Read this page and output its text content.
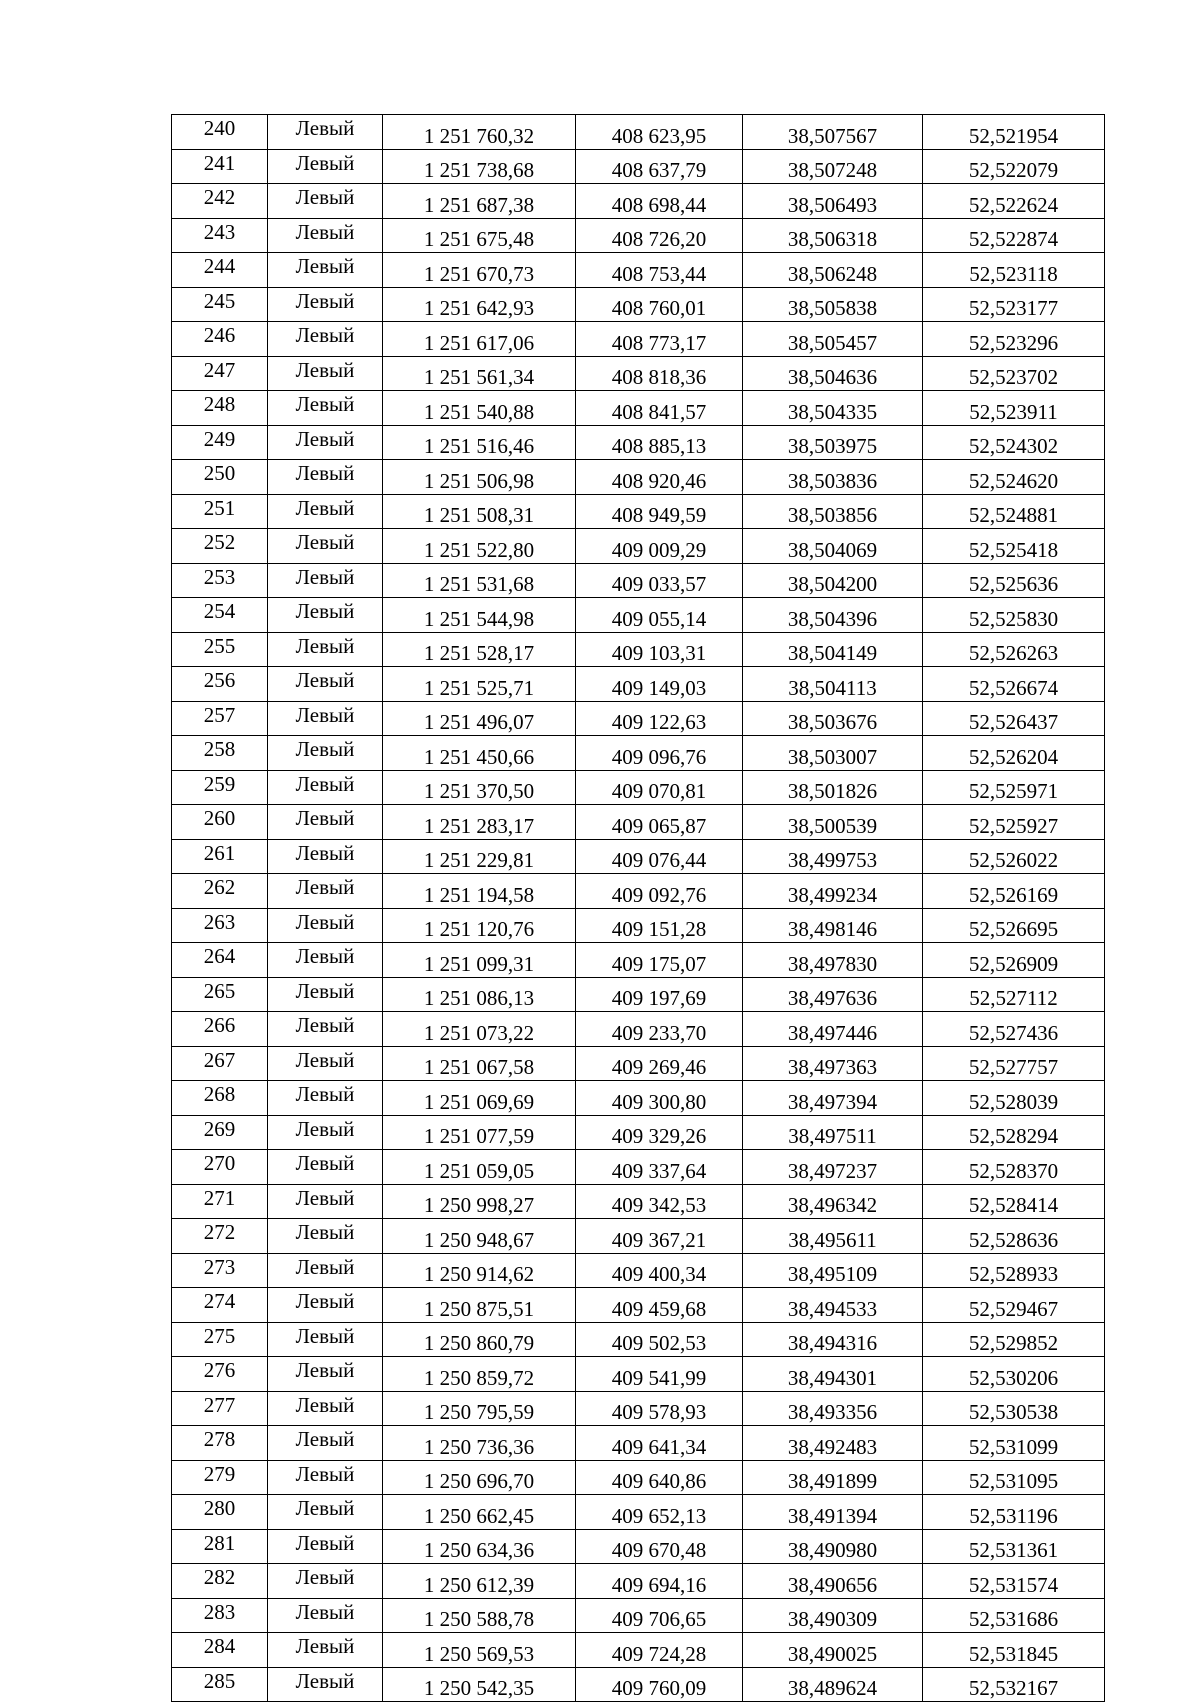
240	Левый	1 251 760,32	408 623,95	38,507567	52,521954
241	Левый	1 251 738,68	408 637,79	38,507248	52,522079
242	Левый	1 251 687,38	408 698,44	38,506493	52,522624
243	Левый	1 251 675,48	408 726,20	38,506318	52,522874
244	Левый	1 251 670,73	408 753,44	38,506248	52,523118
245	Левый	1 251 642,93	408 760,01	38,505838	52,523177
246	Левый	1 251 617,06	408 773,17	38,505457	52,523296
247	Левый	1 251 561,34	408 818,36	38,504636	52,523702
248	Левый	1 251 540,88	408 841,57	38,504335	52,523911
249	Левый	1 251 516,46	408 885,13	38,503975	52,524302
250	Левый	1 251 506,98	408 920,46	38,503836	52,524620
251	Левый	1 251 508,31	408 949,59	38,503856	52,524881
252	Левый	1 251 522,80	409 009,29	38,504069	52,525418
253	Левый	1 251 531,68	409 033,57	38,504200	52,525636
254	Левый	1 251 544,98	409 055,14	38,504396	52,525830
255	Левый	1 251 528,17	409 103,31	38,504149	52,526263
256	Левый	1 251 525,71	409 149,03	38,504113	52,526674
257	Левый	1 251 496,07	409 122,63	38,503676	52,526437
258	Левый	1 251 450,66	409 096,76	38,503007	52,526204
259	Левый	1 251 370,50	409 070,81	38,501826	52,525971
260	Левый	1 251 283,17	409 065,87	38,500539	52,525927
261	Левый	1 251 229,81	409 076,44	38,499753	52,526022
262	Левый	1 251 194,58	409 092,76	38,499234	52,526169
263	Левый	1 251 120,76	409 151,28	38,498146	52,526695
264	Левый	1 251 099,31	409 175,07	38,497830	52,526909
265	Левый	1 251 086,13	409 197,69	38,497636	52,527112
266	Левый	1 251 073,22	409 233,70	38,497446	52,527436
267	Левый	1 251 067,58	409 269,46	38,497363	52,527757
268	Левый	1 251 069,69	409 300,80	38,497394	52,528039
269	Левый	1 251 077,59	409 329,26	38,497511	52,528294
270	Левый	1 251 059,05	409 337,64	38,497237	52,528370
271	Левый	1 250 998,27	409 342,53	38,496342	52,528414
272	Левый	1 250 948,67	409 367,21	38,495611	52,528636
273	Левый	1 250 914,62	409 400,34	38,495109	52,528933
274	Левый	1 250 875,51	409 459,68	38,494533	52,529467
275	Левый	1 250 860,79	409 502,53	38,494316	52,529852
276	Левый	1 250 859,72	409 541,99	38,494301	52,530206
277	Левый	1 250 795,59	409 578,93	38,493356	52,530538
278	Левый	1 250 736,36	409 641,34	38,492483	52,531099
279	Левый	1 250 696,70	409 640,86	38,491899	52,531095
280	Левый	1 250 662,45	409 652,13	38,491394	52,531196
281	Левый	1 250 634,36	409 670,48	38,490980	52,531361
282	Левый	1 250 612,39	409 694,16	38,490656	52,531574
283	Левый	1 250 588,78	409 706,65	38,490309	52,531686
284	Левый	1 250 569,53	409 724,28	38,490025	52,531845
285	Левый	1 250 542,35	409 760,09	38,489624	52,532167
